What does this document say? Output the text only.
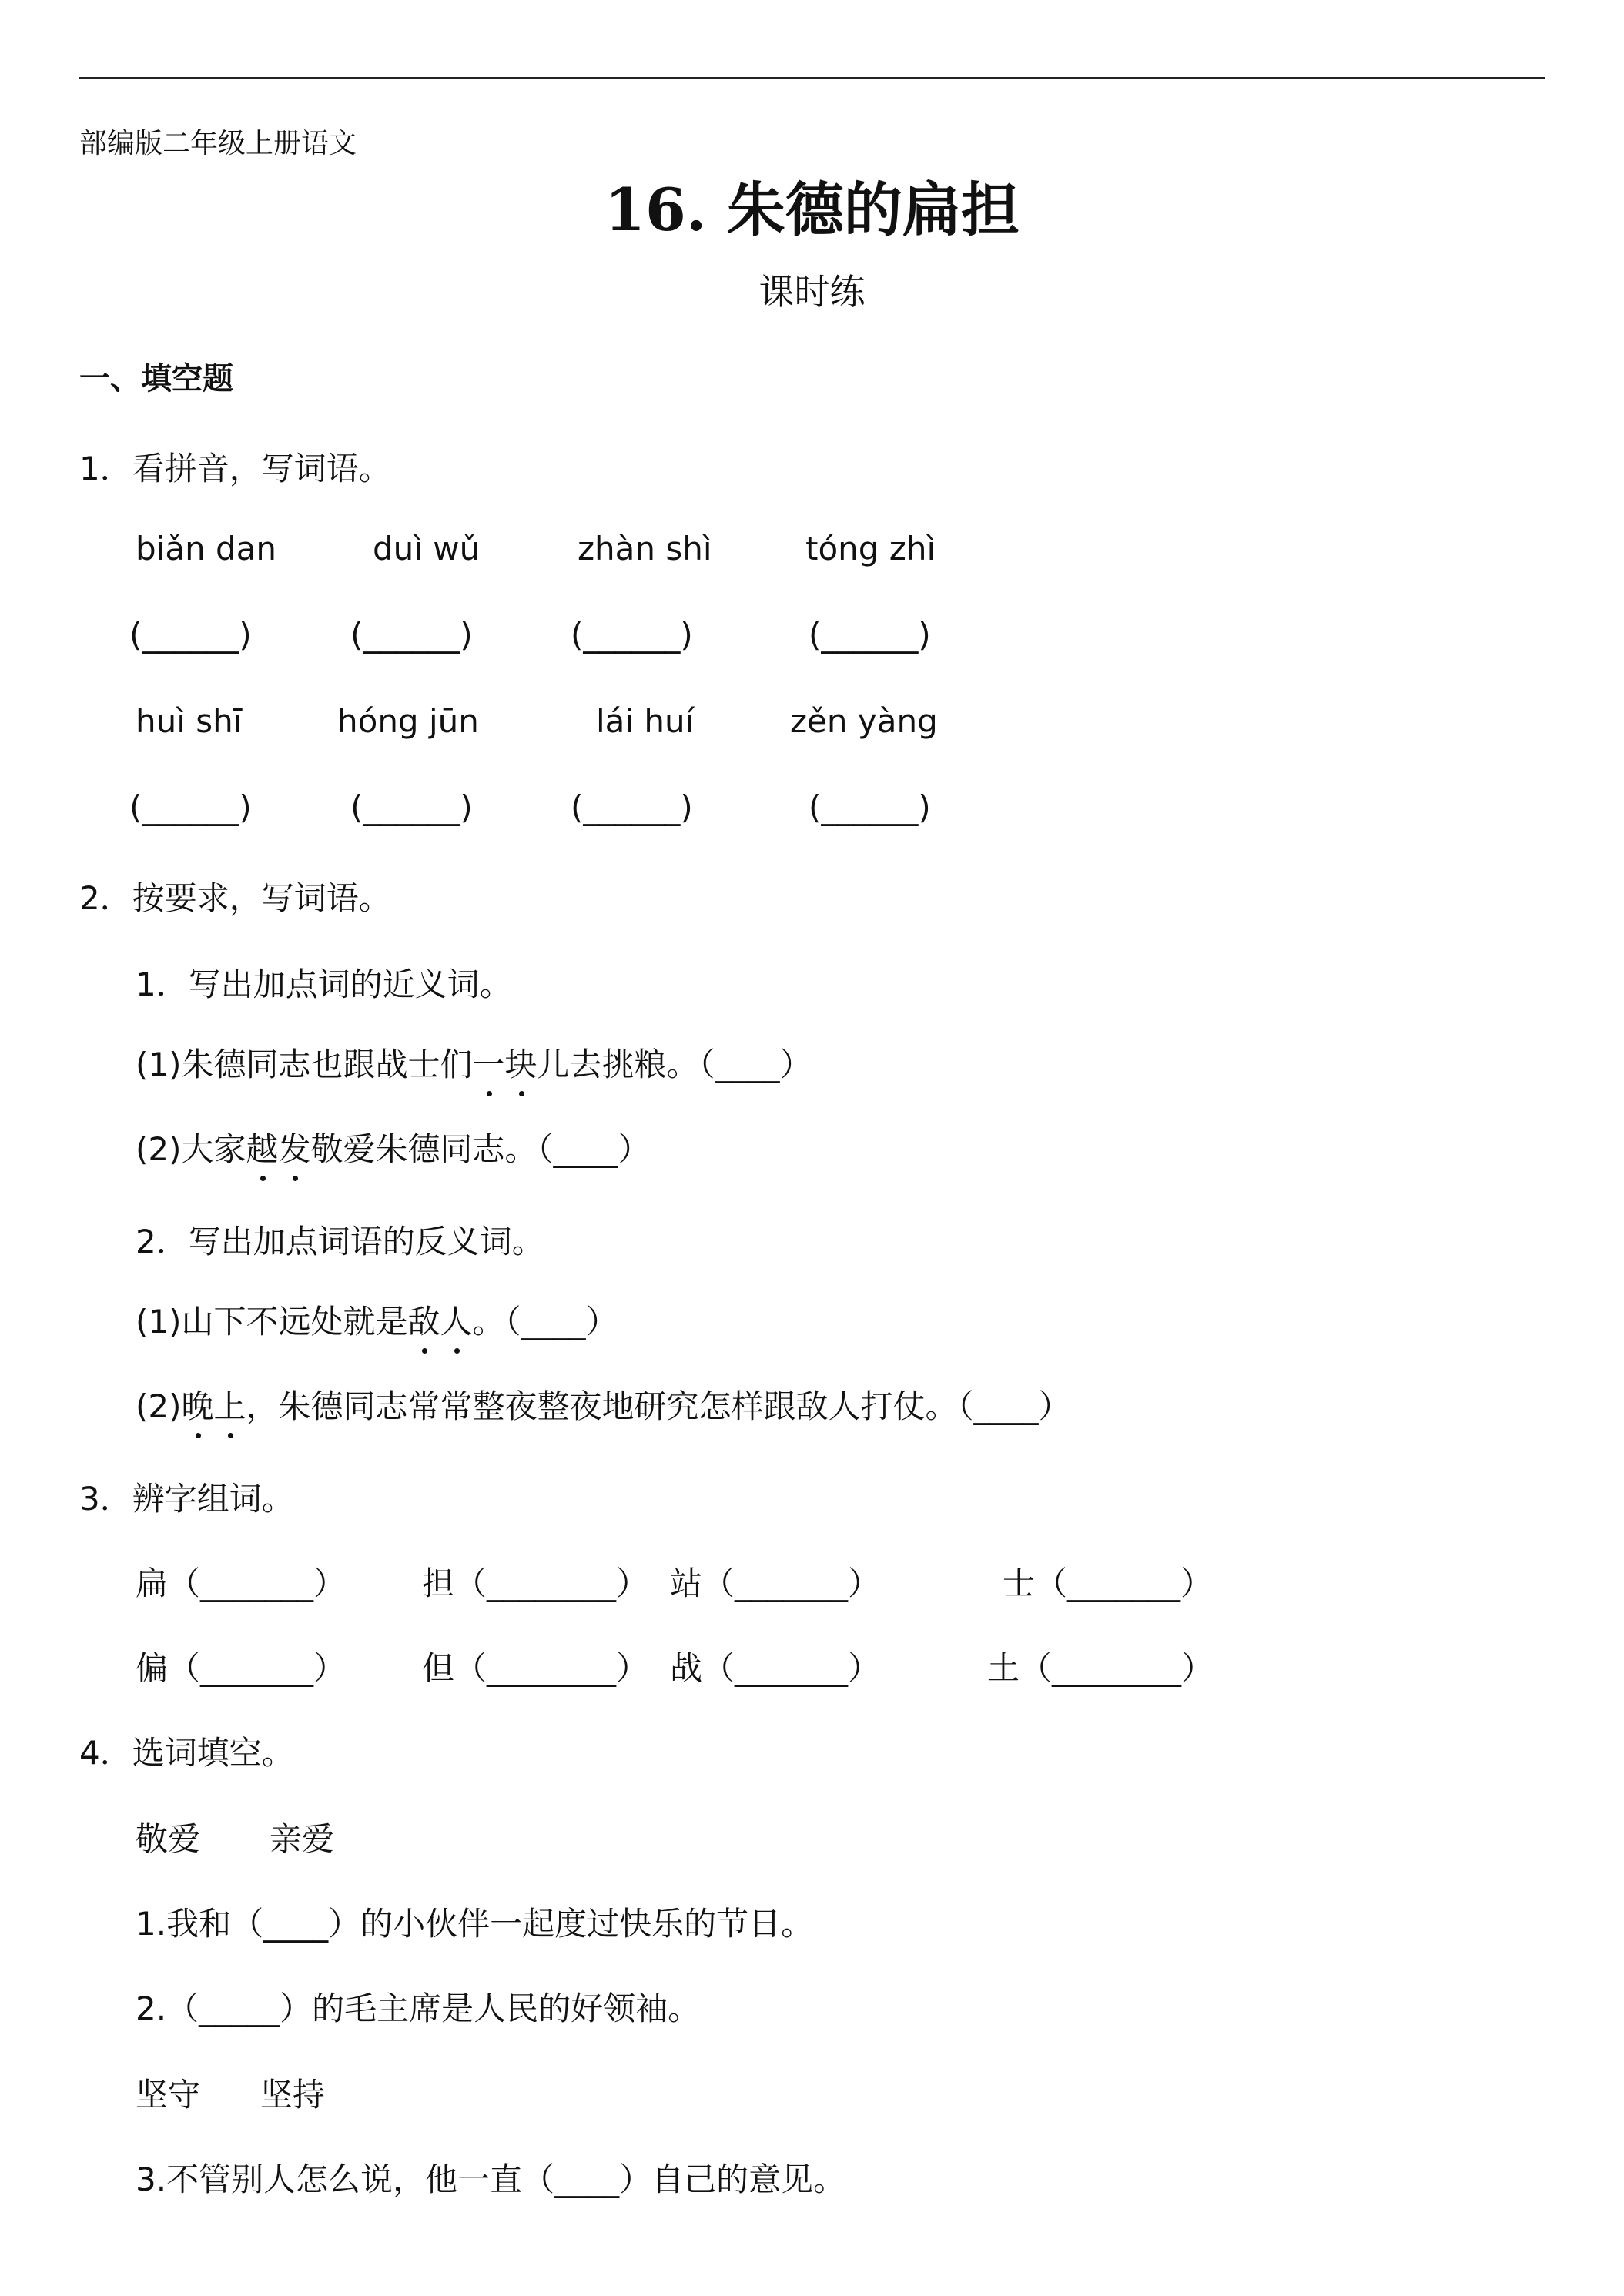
部编版二年级上册语文
16. 朱德的扁担
课时练
一、填空题
1．看拼音，写词语。
biǎn dan	duì wǔ	zhàn shì	tóng zhì
(______)	(______)	(______)	(______)
huì shī	hóng jūn	lái huí	zěn yàng
(______)	(______)	(______)	(______)
2．按要求，写词语。
1．写出加点词的近义词。
(1)朱德同志也跟战士们一块儿去挑粮。（____）
(2)大家越发敬爱朱德同志。（____）
2．写出加点词语的反义词。
(1)山下不远处就是敌人。（____）
(2)晚上，朱德同志常常整夜整夜地研究怎样跟敌人打仗。（____）
3．辨字组词。
扁（_______） 担（________） 站（_______）	士（_______）
偏（_______） 但（________） 战（_______）	土（________）
4．选词填空。
敬爱 亲爱
1.我和（____）的小伙伴一起度过快乐的节日。
2.（_____）的毛主席是人民的好领袖。
坚守 坚持
3.不管别人怎么说，他一直（____）自己的意见。
